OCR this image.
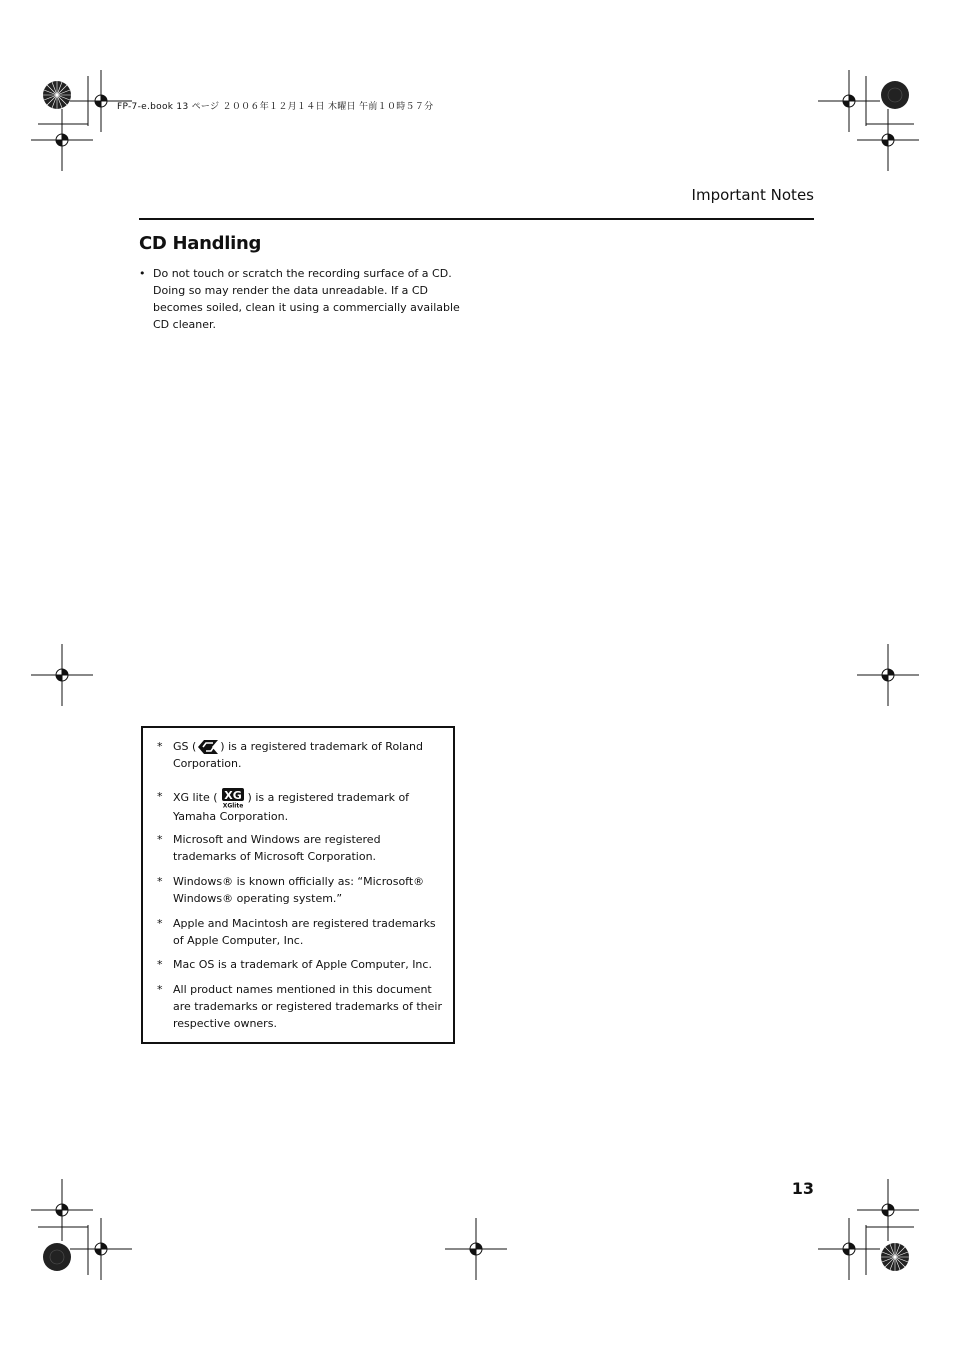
FP-7-e.book 13 ページ ２００６年１２月１４日 木曜日 午前１０時５７分
Important Notes
CD Handling
• Do not touch or scratch the recording surface of a CD. Doing so may render the data unreadable. If a CD becomes soiled, clean it using a commercially available CD cleaner.
* GS ( ) is a registered trademark of Roland Corporation.
* XG lite ( XG
XGlite
) is a registered trademark of Yamaha Corporation.
* Microsoft and Windows are registered trademarks of Microsoft Corporation.
* Windows® is known officially as: “Microsoft® Windows® operating system.”
* Apple and Macintosh are registered trademarks of Apple Computer, Inc.
* Mac OS is a trademark of Apple Computer, Inc.
* All product names mentioned in this document are trademarks or registered trademarks of their respective owners.
13
